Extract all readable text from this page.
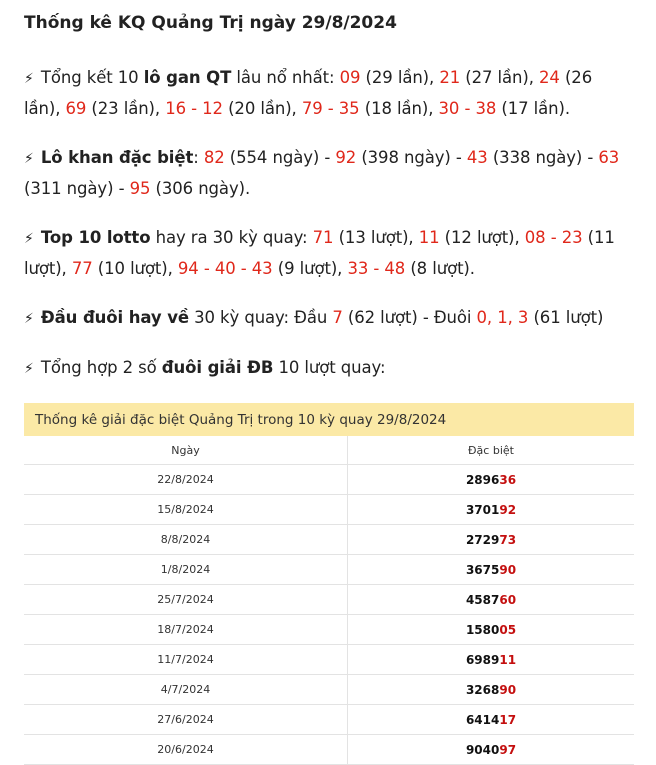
Thống kê KQ Quảng Trị ngày 29/8/2024

⚡ Tổng kết 10 lô gan QT lâu nổ nhất: 09 (29 lần), 21 (27 lần), 24 (26 lần), 69 (23 lần), 16 - 12 (20 lần), 79 - 35 (18 lần), 30 - 38 (17 lần).

⚡ Lô khan đặc biệt: 82 (554 ngày) - 92 (398 ngày) - 43 (338 ngày) - 63 (311 ngày) - 95 (306 ngày).

⚡ Top 10 lotto hay ra 30 kỳ quay: 71 (13 lượt), 11 (12 lượt), 08 - 23 (11 lượt), 77 (10 lượt), 94 - 40 - 43 (9 lượt), 33 - 48 (8 lượt).

⚡ Đầu đuôi hay về 30 kỳ quay: Đầu 7 (62 lượt) - Đuôi 0, 1, 3 (61 lượt)

⚡ Tổng hợp 2 số đuôi giải ĐB 10 lượt quay:

Thống kê giải đặc biệt Quảng Trị trong 10 kỳ quay 29/8/2024
Ngày	Đặc biệt
22/8/2024	289636
15/8/2024	370192
8/8/2024	272973
1/8/2024	367590
25/7/2024	458760
18/7/2024	158005
11/7/2024	698911
4/7/2024	326890
27/6/2024	641417
20/6/2024	904097
